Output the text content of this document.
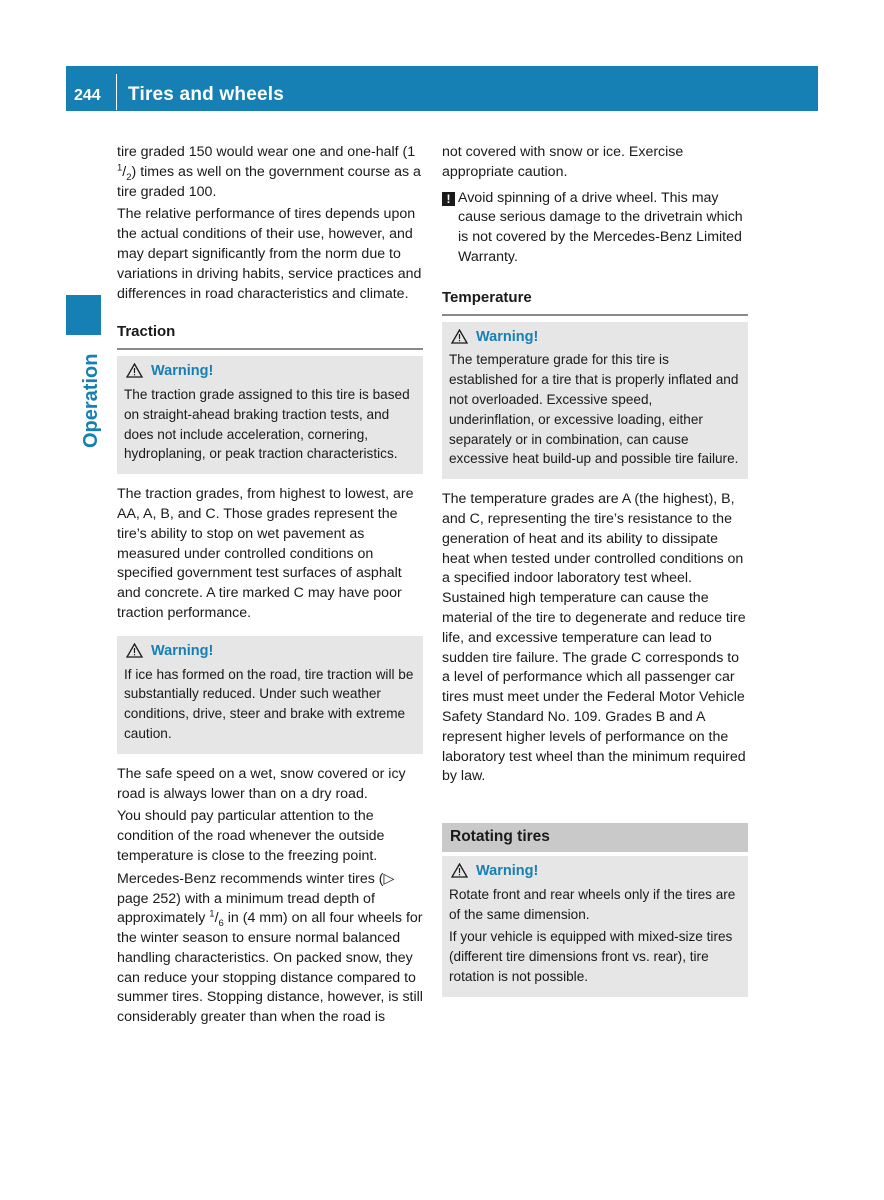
244 Tires and wheels
Operation

tire graded 150 would wear one and one-half (1 $^1/_2$) times as well on the government course as a tire graded 100.

The relative performance of tires depends upon the actual conditions of their use, however, and may depart significantly from the norm due to variations in driving habits, service practices and differences in road characteristics and climate.

Traction
Warning!

The traction grade assigned to this tire is based on straight-ahead braking traction tests, and does not include acceleration, cornering, hydroplaning, or peak traction characteristics.

The traction grades, from highest to lowest, are AA, A, B, and C. Those grades represent the tire’s ability to stop on wet pavement as measured under controlled conditions on specified government test surfaces of asphalt and concrete. A tire marked C may have poor traction performance.

Warning!

If ice has formed on the road, tire traction will be substantially reduced. Under such weather conditions, drive, steer and brake with extreme caution.

The safe speed on a wet, snow covered or icy road is always lower than on a dry road.

You should pay particular attention to the condition of the road whenever the outside temperature is close to the freezing point.

Mercedes-Benz recommends winter tires (▷ page 252) with a minimum tread depth of approximately $^1/_6$ in (4 mm) on all four wheels for the winter season to ensure normal balanced handling characteristics. On packed snow, they can reduce your stopping distance compared to summer tires. Stopping distance, however, is still considerably greater than when the road is

not covered with snow or ice. Exercise appropriate caution.

! Avoid spinning of a drive wheel. This may cause serious damage to the drivetrain which is not covered by the Mercedes-Benz Limited Warranty.
Temperature
Warning!

The temperature grade for this tire is established for a tire that is properly inflated and not overloaded. Excessive speed, underinflation, or excessive loading, either separately or in combination, can cause excessive heat build-up and possible tire failure.

The temperature grades are A (the highest), B, and C, representing the tire’s resistance to the generation of heat and its ability to dissipate heat when tested under controlled conditions on a specified indoor laboratory test wheel. Sustained high temperature can cause the material of the tire to degenerate and reduce tire life, and excessive temperature can lead to sudden tire failure. The grade C corresponds to a level of performance which all passenger car tires must meet under the Federal Motor Vehicle Safety Standard No. 109. Grades B and A represent higher levels of performance on the laboratory test wheel than the minimum required by law.

Rotating tires
Warning!

Rotate front and rear wheels only if the tires are of the same dimension.

If your vehicle is equipped with mixed-size tires (different tire dimensions front vs. rear), tire rotation is not possible.
